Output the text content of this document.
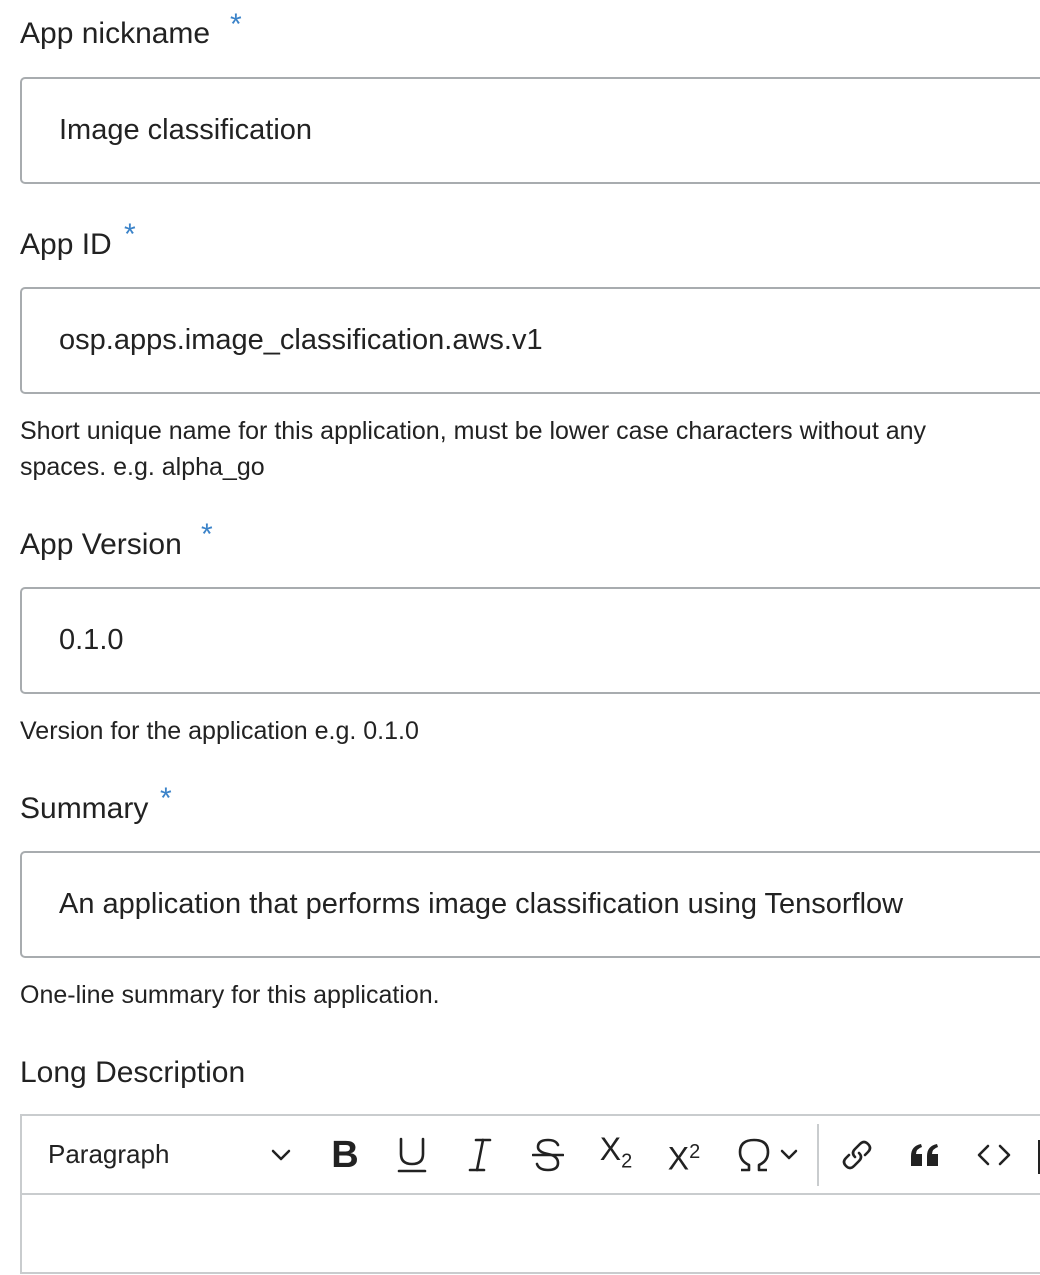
App nickname *
Image classification
App ID *
osp.apps.image_classification.aws.v1
Short unique name for this application, must be lower case characters without any
spaces. e.g. alpha_go
App Version *
0.1.0
Version for the application e.g. 0.1.0
Summary *
An application that performs image classification using Tensorflow
One-line summary for this application.
Long Description
Paragraph	B	$X_2$ $X^2$
